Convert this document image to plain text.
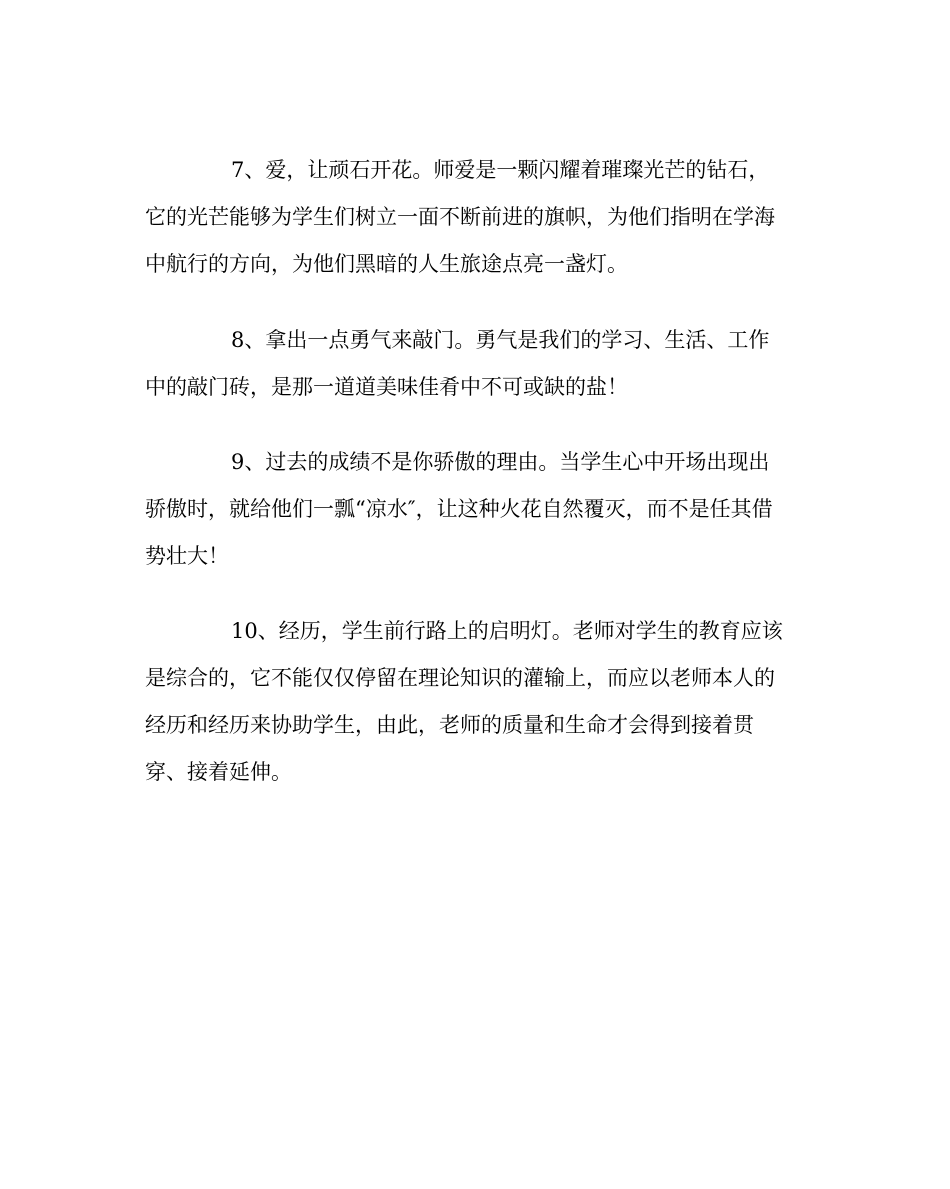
7、爱，让顽石开花。师爱是一颗闪耀着璀璨光芒的钻石，
它的光芒能够为学生们树立一面不断前进的旗帜，为他们指明在学海
中航行的方向，为他们黑暗的人生旅途点亮一盏灯。
8、拿出一点勇气来敲门。勇气是我们的学习、生活、工作
中的敲门砖，是那一道道美味佳肴中不可或缺的盐！
9、过去的成绩不是你骄傲的理由。当学生心中开场出现出
骄傲时，就给他们一瓢“凉水″，让这种火花自然覆灭，而不是任其借
势壮大！
10、经历，学生前行路上的启明灯。老师对学生的教育应该
是综合的，它不能仅仅停留在理论知识的灌输上，而应以老师本人的
经历和经历来协助学生，由此，老师的质量和生命才会得到接着贯
穿、接着延伸。
